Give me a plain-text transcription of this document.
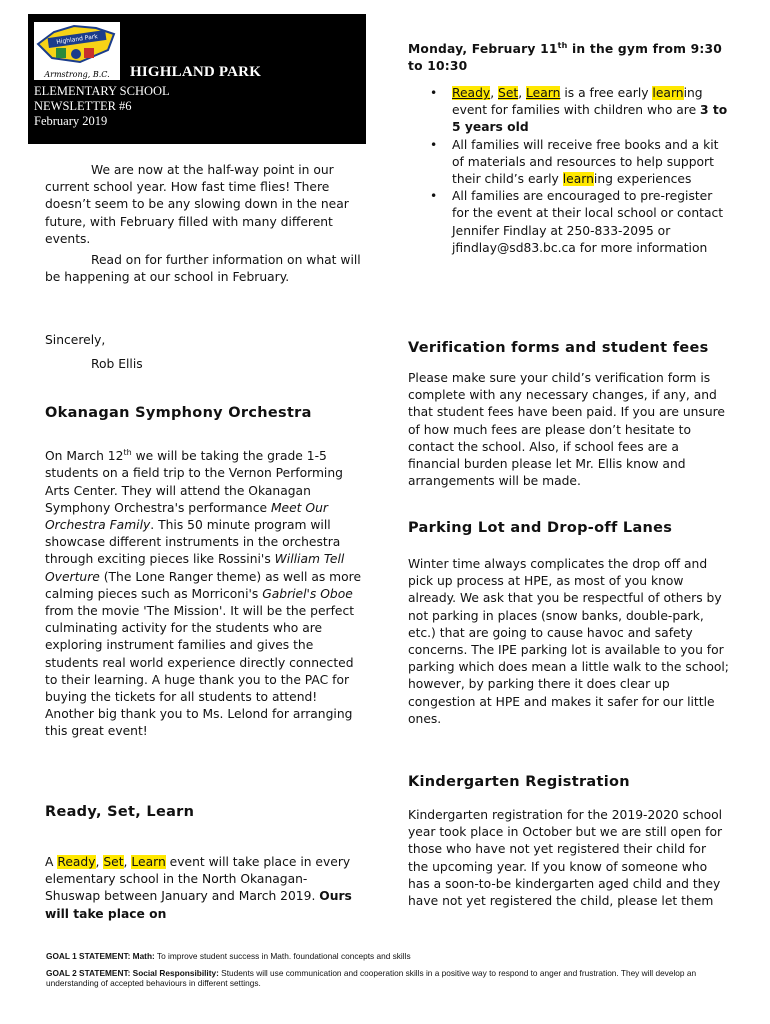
Highland Park
Armstrong, B.C.	HIGHLAND PARK
ELEMENTARY SCHOOL
NEWSLETTER #6
February 2019
We are now at the half-way point in our current school year. How fast time flies! There doesn’t seem to be any slowing down in the near future, with February filled with many different events.
Read on for further information on what will be happening at our school in February.
Sincerely,
Rob Ellis
Okanagan Symphony Orchestra
On March 12th we will be taking the grade 1-5 students on a field trip to the Vernon Performing Arts Center. They will attend the Okanagan Symphony Orchestra's performance Meet Our Orchestra Family. This 50 minute program will showcase different instruments in the orchestra through exciting pieces like Rossini's William Tell Overture (The Lone Ranger theme) as well as more calming pieces such as Morriconi's Gabriel's Oboe from the movie 'The Mission'. It will be the perfect culminating activity for the students who are exploring instrument families and gives the students real world experience directly connected to their learning. A huge thank you to the PAC for buying the tickets for all students to attend! Another big thank you to Ms. Lelond for arranging this great event!
Ready, Set, Learn
A Ready, Set, Learn event will take place in every elementary school in the North Okanagan-Shuswap between January and March 2019. Ours will take place on
Monday, February 11th in the gym from 9:30 to 10:30
• Ready, Set, Learn is a free early learning event for families with children who are 3 to 5 years old
• All families will receive free books and a kit of materials and resources to help support their child’s early learning experiences
• All families are encouraged to pre-register for the event at their local school or contact Jennifer Findlay at 250-833-2095 or jfindlay@sd83.bc.ca for more information
Verification forms and student fees
Please make sure your child’s verification form is complete with any necessary changes, if any, and that student fees have been paid. If you are unsure of how much fees are please don’t hesitate to contact the school. Also, if school fees are a financial burden please let Mr. Ellis know and arrangements will be made.
Parking Lot and Drop-off Lanes
Winter time always complicates the drop off and pick up process at HPE, as most of you know already. We ask that you be respectful of others by not parking in places (snow banks, double-park, etc.) that are going to cause havoc and safety concerns. The IPE parking lot is available to you for parking which does mean a little walk to the school; however, by parking there it does clear up congestion at HPE and makes it safer for our little ones.
Kindergarten Registration
Kindergarten registration for the 2019-2020 school year took place in October but we are still open for those who have not yet registered their child for the upcoming year. If you know of someone who has a soon-to-be kindergarten aged child and they have not yet registered the child, please let them
GOAL 1 STATEMENT: Math: To improve student success in Math. foundational concepts and skills
GOAL 2 STATEMENT: Social Responsibility: Students will use communication and cooperation skills in a positive way to respond to anger and frustration. They will develop an understanding of accepted behaviours in different settings.
